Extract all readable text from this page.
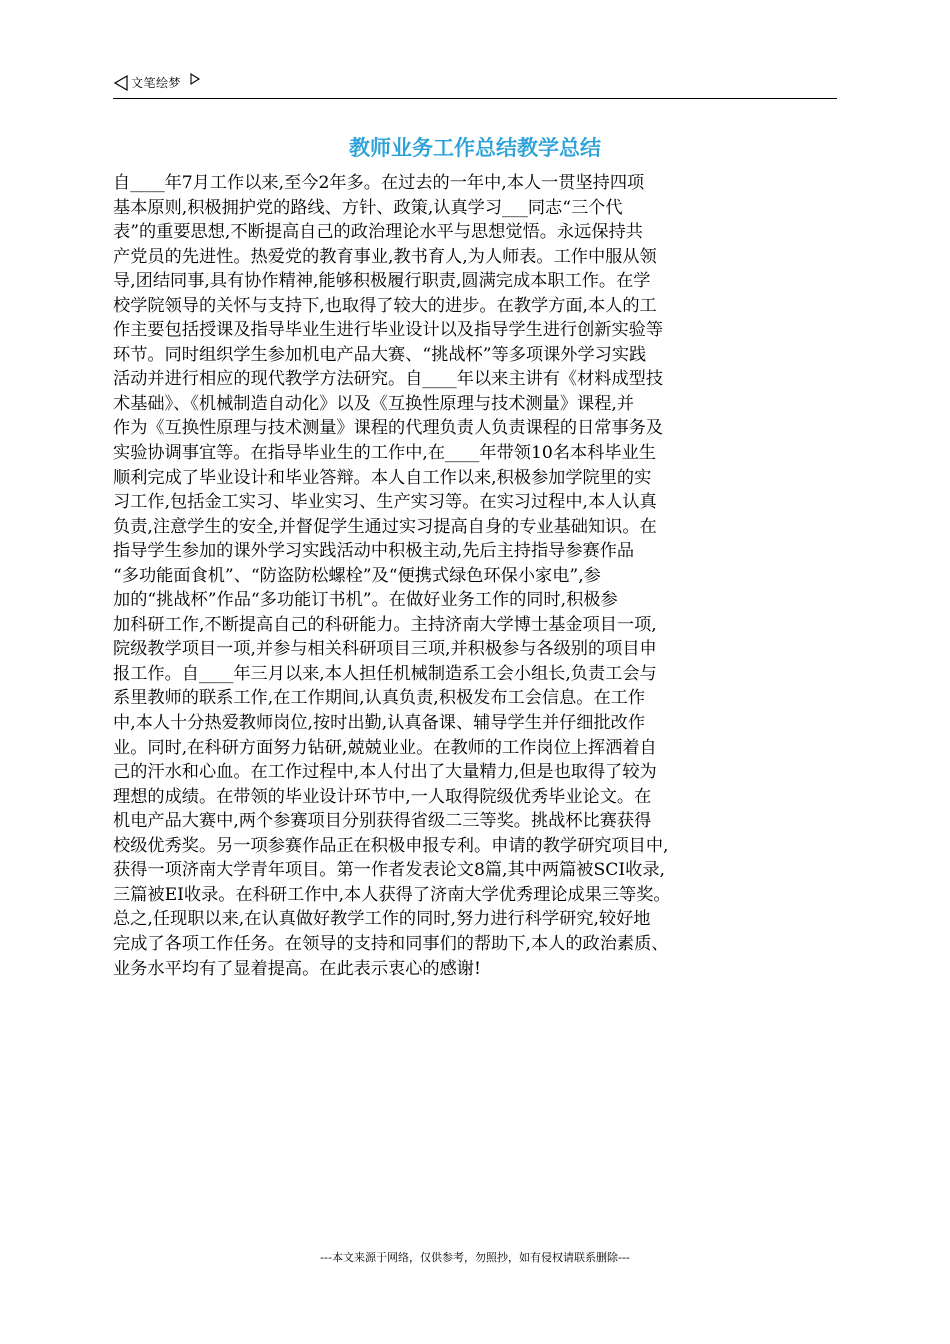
文笔绘梦
教师业务工作总结教学总结

自____年7月工作以来,至今2年多。在过去的一年中,本人一贯坚持四项
基本原则,积极拥护党的路线、方针、政策,认真学习___同志“三个代
表”的重要思想,不断提高自己的政治理论水平与思想觉悟。永远保持共
产党员的先进性。热爱党的教育事业,教书育人,为人师表。工作中服从领
导,团结同事,具有协作精神,能够积极履行职责,圆满完成本职工作。在学
校学院领导的关怀与支持下,也取得了较大的进步。在教学方面,本人的工
作主要包括授课及指导毕业生进行毕业设计以及指导学生进行创新实验等
环节。同时组织学生参加机电产品大赛、“挑战杯”等多项课外学习实践
活动并进行相应的现代教学方法研究。自____年以来主讲有《材料成型技
术基础》、《机械制造自动化》以及《互换性原理与技术测量》课程,并
作为《互换性原理与技术测量》课程的代理负责人负责课程的日常事务及
实验协调事宜等。在指导毕业生的工作中,在____年带领10名本科毕业生
顺利完成了毕业设计和毕业答辩。本人自工作以来,积极参加学院里的实
习工作,包括金工实习、毕业实习、生产实习等。在实习过程中,本人认真
负责,注意学生的安全,并督促学生通过实习提高自身的专业基础知识。在
指导学生参加的课外学习实践活动中积极主动,先后主持指导参赛作品
“多功能面食机”、“防盗防松螺栓”及“便携式绿色环保小家电”,参
加的“挑战杯”作品“多功能订书机”。在做好业务工作的同时,积极参
加科研工作,不断提高自己的科研能力。主持济南大学博士基金项目一项,
院级教学项目一项,并参与相关科研项目三项,并积极参与各级别的项目申
报工作。自____年三月以来,本人担任机械制造系工会小组长,负责工会与
系里教师的联系工作,在工作期间,认真负责,积极发布工会信息。在工作
中,本人十分热爱教师岗位,按时出勤,认真备课、辅导学生并仔细批改作
业。同时,在科研方面努力钻研,兢兢业业。在教师的工作岗位上挥洒着自
己的汗水和心血。在工作过程中,本人付出了大量精力,但是也取得了较为
理想的成绩。在带领的毕业设计环节中,一人取得院级优秀毕业论文。在
机电产品大赛中,两个参赛项目分别获得省级二三等奖。挑战杯比赛获得
校级优秀奖。另一项参赛作品正在积极申报专利。申请的教学研究项目中,
获得一项济南大学青年项目。第一作者发表论文8篇,其中两篇被SCI收录,
三篇被EI收录。在科研工作中,本人获得了济南大学优秀理论成果三等奖。
总之,任现职以来,在认真做好教学工作的同时,努力进行科学研究,较好地
完成了各项工作任务。在领导的支持和同事们的帮助下,本人的政治素质、
业务水平均有了显着提高。在此表示衷心的感谢!

---本文来源于网络，仅供参考，勿照抄，如有侵权请联系删除---
